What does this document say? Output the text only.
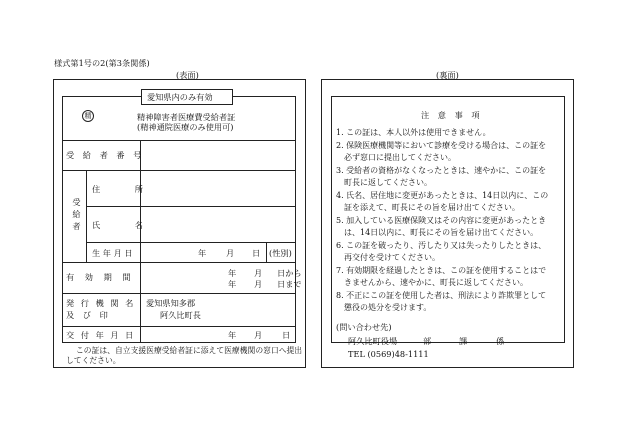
様式第1号の2(第3条関係)
(表面)	(裏面)
愛知県内のみ有効
精	精神障害者医療費受給者証
(精神通院医療のみ使用可)
受 給 者 番 号
受給者
住 所
氏 名
生 年 月 日	年 月 日 (性別)
有 効 期 間	年 月 日から
年 月 日まで
発 行 機 関 名
及 び 印
愛知県知多郡
阿久比町長
交 付 年 月 日	年 月 日
この証は、自立支援医療受給者証に添えて医療機関の窓口へ提出
してください。
注 意 事 項
1. この証は、本人以外は使用できません。
2. 保険医療機関等において診療を受ける場合は、この証を
必ず窓口に提出してください。
3. 受給者の資格がなくなったときは、速やかに、この証を
町長に返してください。
4. 氏名、居住地に変更があったときは、14日以内に、この
証を添えて、町長にその旨を届け出てください。
5. 加入している医療保険又はその内容に変更があったとき
は、14日以内に、町長にその旨を届け出てください。
6. この証を破ったり、汚したり又は失ったりしたときは、
再交付を受けてください。
7. 有効期限を経過したときは、この証を使用することはで
きませんから、速やかに、町長に返してください。
8. 不正にこの証を使用した者は、刑法により詐欺罪として
懲役の処分を受けます。
(問い合わせ先)
阿久比町役場	部	課	係
TEL (0569)48-1111
